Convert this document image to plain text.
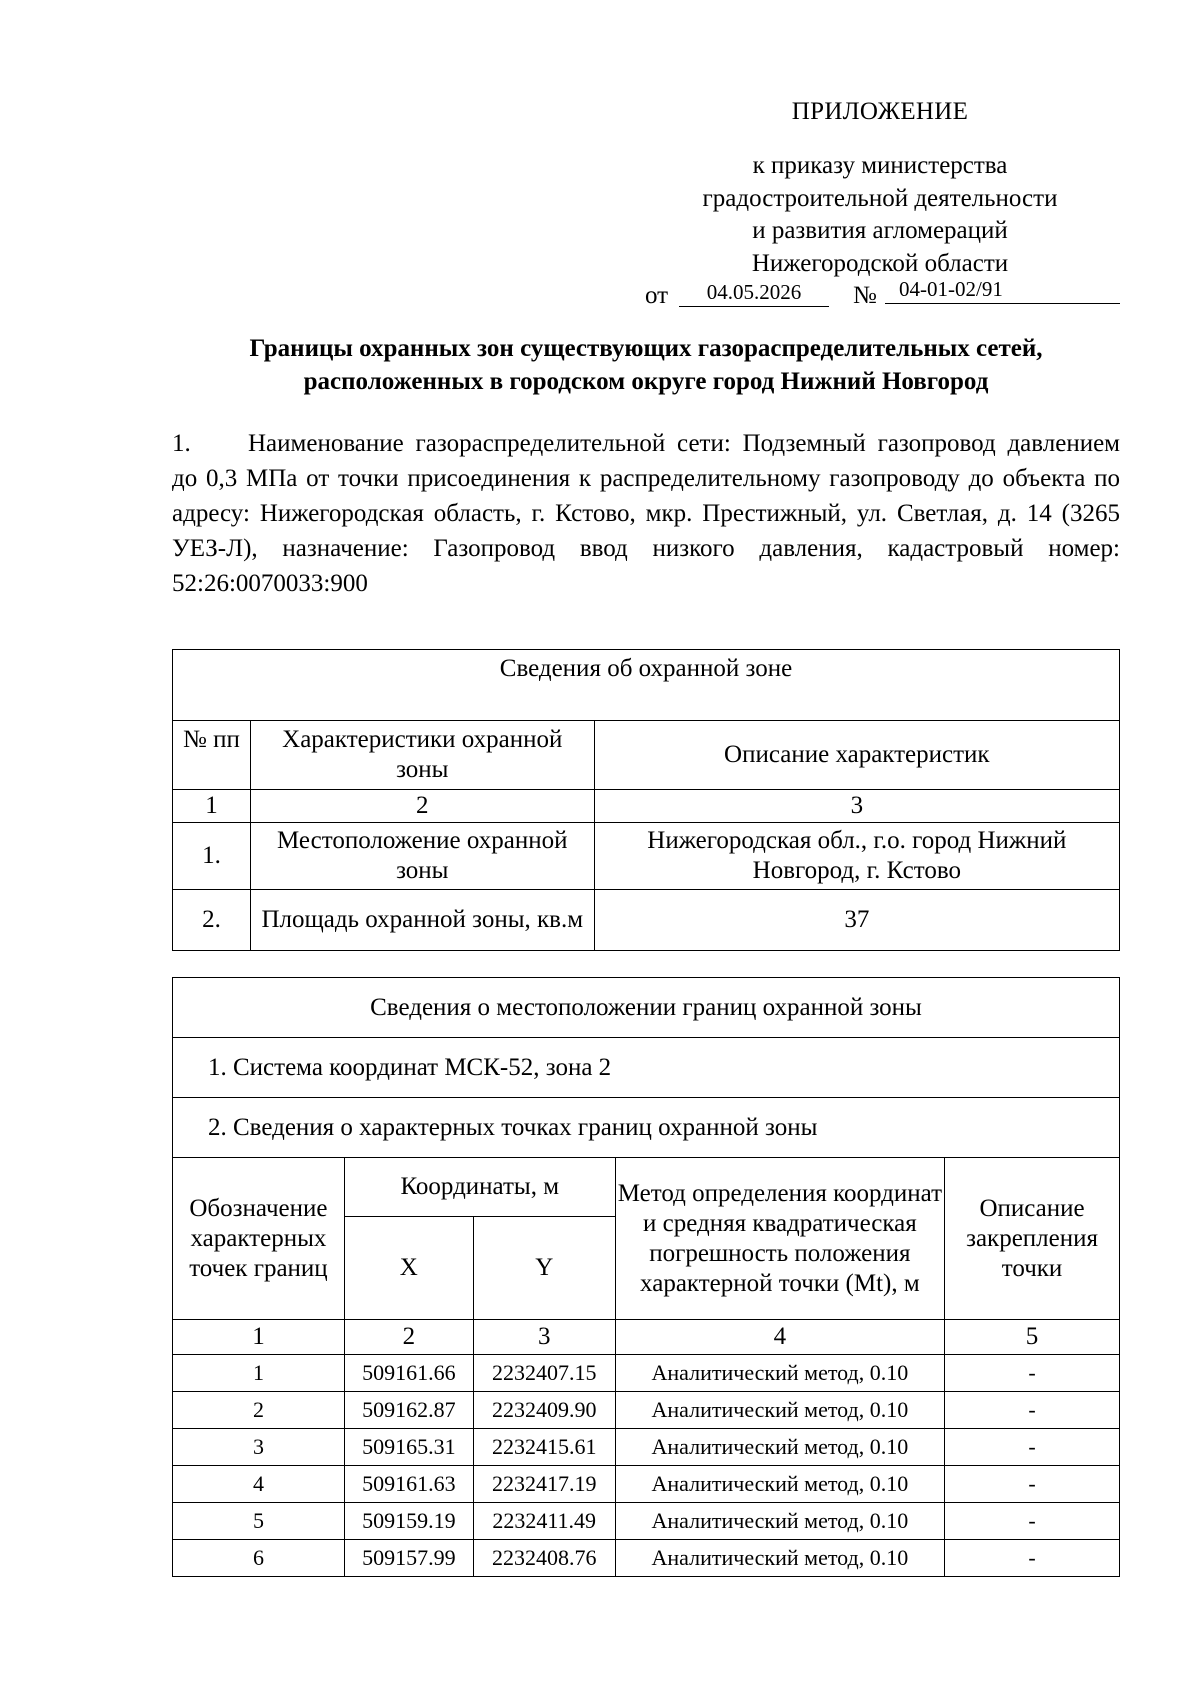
ПРИЛОЖЕНИЕ
к приказу министерства
градостроительной деятельности
и развития агломераций
Нижегородской области
от	04.05.2026	№	04-01-02/91
Границы охранных зон существующих газораспределительных сетей, расположенных в городском округе город Нижний Новгород
1. Наименование газораспределительной сети: Подземный газопровод давлением до 0,3 МПа от точки присоединения к распределительному газопроводу до объекта по адресу: Нижегородская область, г. Кстово, мкр. Престижный, ул. Светлая, д. 14 (3265 УЕЗ-Л), назначение: Газопровод ввод низкого давления, кадастровый номер: 52:26:0070033:900
Сведения об охранной зоне		
№ пп	Характеристики охранной зоны	Описание характеристик
1	2	3
1.	Местоположение охранной зоны	Нижегородская обл., г.о. город Нижний Новгород, г. Кстово
2.	Площадь охранной зоны, кв.м	37
Сведения о местоположении границ охранной зоны				
1. Система координат МСК-52, зона 2				
2. Сведения о характерных точках границ охранной зоны				
Обозначение характерных точек границ	Координаты, м		Метод определения координат и средняя квадратическая погрешность положения характерной точки (Mt), м	Описание закрепления точки
	X	Y		
1	2	3	4	5
1	509161.66	2232407.15	Аналитический метод, 0.10	-
2	509162.87	2232409.90	Аналитический метод, 0.10	-
3	509165.31	2232415.61	Аналитический метод, 0.10	-
4	509161.63	2232417.19	Аналитический метод, 0.10	-
5	509159.19	2232411.49	Аналитический метод, 0.10	-
6	509157.99	2232408.76	Аналитический метод, 0.10	-
